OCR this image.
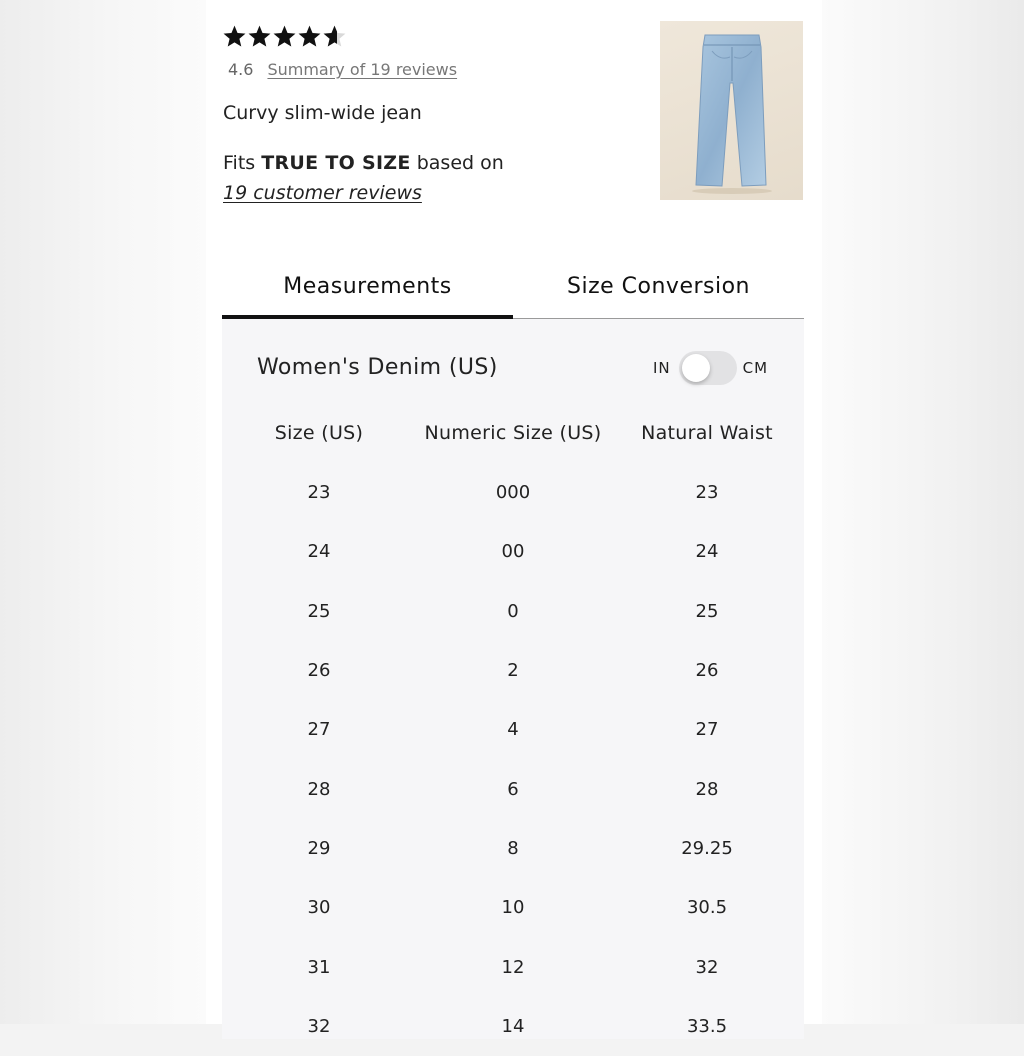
4.6 Summary of 19 reviews
Curvy slim-wide jean
Fits TRUE TO SIZE based on
19 customer reviews
Measurements	Size Conversion
Women's Denim (US)	IN	CM
Size (US)	Numeric Size (US)	Natural Waist
23	000	23
24	00	24
25	0	25
26	2	26
27	4	27
28	6	28
29	8	29.25
30	10	30.5
31	12	32
32	14	33.5
